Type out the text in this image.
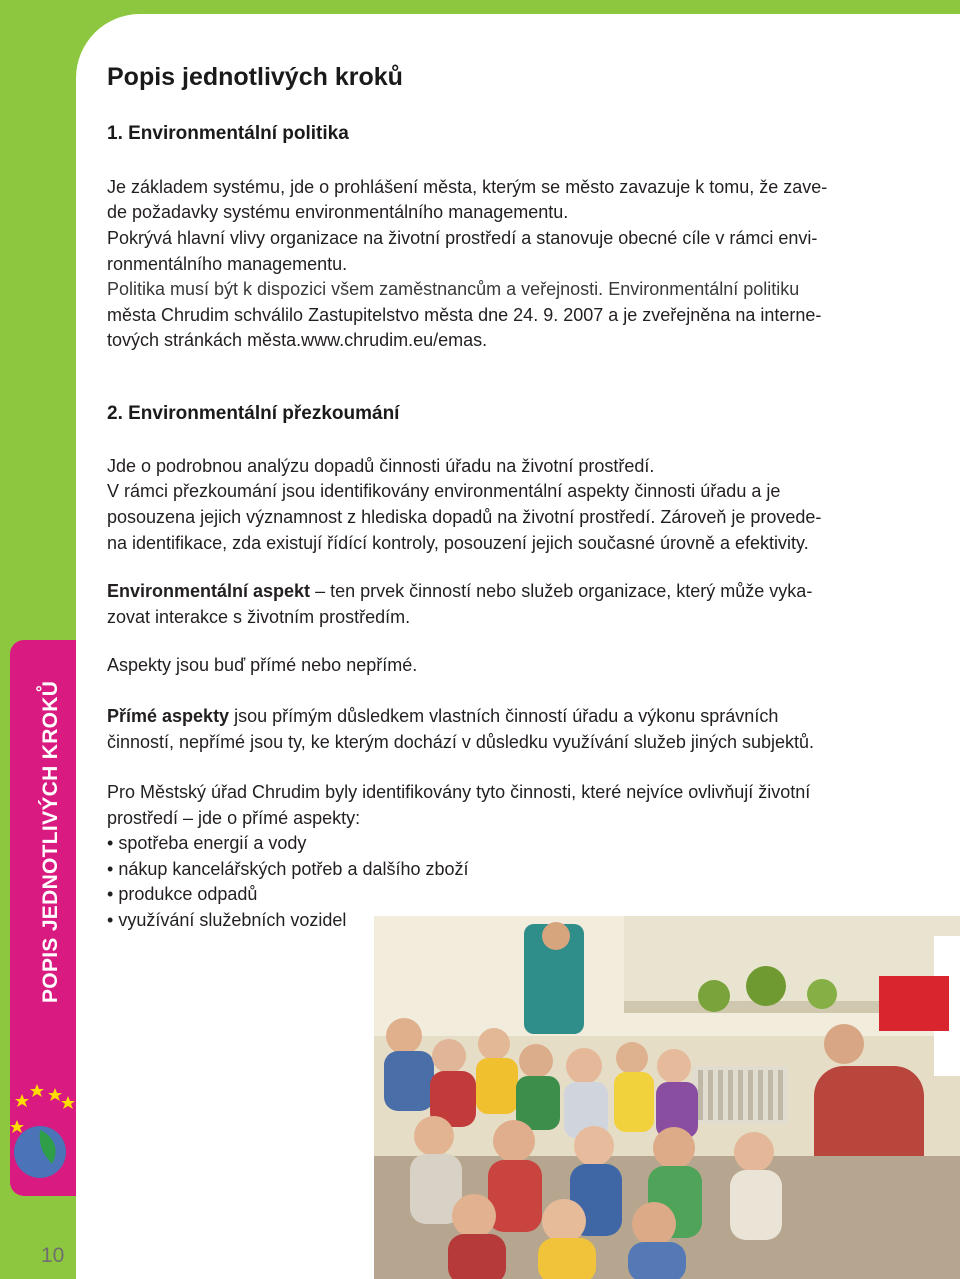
POPIS JEDNOTLIVÝCH KROKŮ
10
Popis jednotlivých kroků
1. Environmentální politika

Je základem systému, jde o prohlášení města, kterým se město zavazuje k tomu, že zave-

de požadavky systému environmentálního managementu.

Pokrývá hlavní vlivy organizace na životní prostředí a stanovuje obecné cíle v rámci envi-

ronmentálního managementu.

Politika musí být k dispozici všem zaměstnancům a veřejnosti. Environmentální politiku

města Chrudim schválilo Zastupitelstvo města dne 24. 9. 2007 a je zveřejněna na interne-

tových stránkách města.www.chrudim.eu/emas.

2. Environmentální přezkoumání

Jde o podrobnou analýzu dopadů činnosti úřadu na životní prostředí.

V rámci přezkoumání jsou identifikovány environmentální aspekty činnosti úřadu a je

posouzena jejich významnost z hlediska dopadů na životní prostředí. Zároveň je provede-

na identifikace, zda existují řídící kontroly, posouzení jejich současné úrovně a efektivity.

Environmentální aspekt – ten prvek činností nebo služeb organizace, který může vyka-

zovat interakce s životním prostředím.

Aspekty jsou buď přímé nebo nepřímé.

Přímé aspekty jsou přímým důsledkem vlastních činností úřadu a výkonu správních

činností, nepřímé jsou ty, ke kterým dochází v důsledku využívání služeb jiných subjektů.

Pro Městský úřad Chrudim byly identifikovány tyto činnosti, které nejvíce ovlivňují životní

prostředí – jde o přímé aspekty:

• spotřeba energií a vody
• nákup kancelářských potřeb a dalšího zboží
• produkce odpadů
• využívání služebních vozidel
